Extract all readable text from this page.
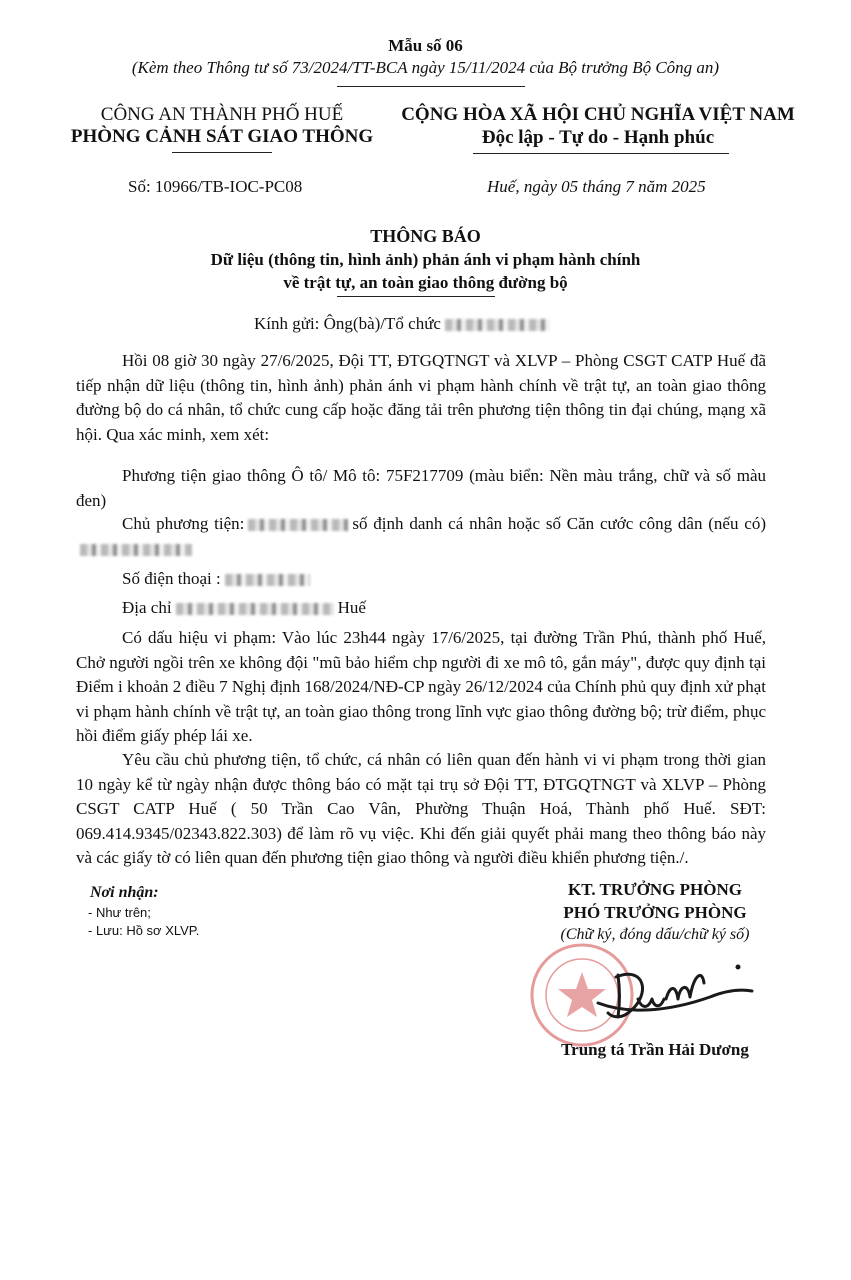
Mẫu số 06
(Kèm theo Thông tư số 73/2024/TT-BCA ngày 15/11/2024 của Bộ trưởng Bộ Công an)
CÔNG AN THÀNH PHỐ HUẾ
PHÒNG CẢNH SÁT GIAO THÔNG
CỘNG HÒA XÃ HỘI CHỦ NGHĨA VIỆT NAM
Độc lập - Tự do - Hạnh phúc
Số: 10966/TB-IOC-PC08	Huế, ngày 05 tháng 7 năm 2025
THÔNG BÁO
Dữ liệu (thông tin, hình ảnh) phản ánh vi phạm hành chính
về trật tự, an toàn giao thông đường bộ
Kính gửi: Ông(bà)/Tổ chức

Hồi 08 giờ 30 ngày 27/6/2025, Đội TT, ĐTGQTNGT và XLVP – Phòng CSGT CATP Huế đã tiếp nhận dữ liệu (thông tin, hình ảnh) phản ánh vi phạm hành chính về trật tự, an toàn giao thông đường bộ do cá nhân, tổ chức cung cấp hoặc đăng tải trên phương tiện thông tin đại chúng, mạng xã hội. Qua xác minh, xem xét:

Phương tiện giao thông Ô tô/ Mô tô: 75F217709 (màu biển: Nền màu trắng, chữ và số màu đen)

Chủ phương tiện:	số định danh cá nhân hoặc số Căn cước công dân (nếu có)

Số điện thoại :

Địa chỉ	Huế

Có dấu hiệu vi phạm: Vào lúc 23h44 ngày 17/6/2025, tại đường Trần Phú, thành phố Huế, Chở người ngồi trên xe không đội "mũ bảo hiểm chp người đi xe mô tô, gắn máy", được quy định tại Điểm i khoản 2 điều 7 Nghị định 168/2024/NĐ-CP ngày 26/12/2024 của Chính phủ quy định xử phạt vi phạm hành chính về trật tự, an toàn giao thông trong lĩnh vực giao thông đường bộ; trừ điểm, phục hồi điểm giấy phép lái xe.

Yêu cầu chủ phương tiện, tổ chức, cá nhân có liên quan đến hành vi vi phạm trong thời gian 10 ngày kể từ ngày nhận được thông báo có mặt tại trụ sở Đội TT, ĐTGQTNGT và XLVP – Phòng CSGT CATP Huế ( 50 Trần Cao Vân, Phường Thuận Hoá, Thành phố Huế. SĐT: 069.414.9345/02343.822.303) để làm rõ vụ việc. Khi đến giải quyết phải mang theo thông báo này và các giấy tờ có liên quan đến phương tiện giao thông và người điều khiển phương tiện./.

Nơi nhận:
- Như trên;
- Lưu: Hồ sơ XLVP.
KT. TRƯỞNG PHÒNG
PHÓ TRƯỞNG PHÒNG
(Chữ ký, đóng dấu/chữ ký số)
Trung tá Trần Hải Dương
